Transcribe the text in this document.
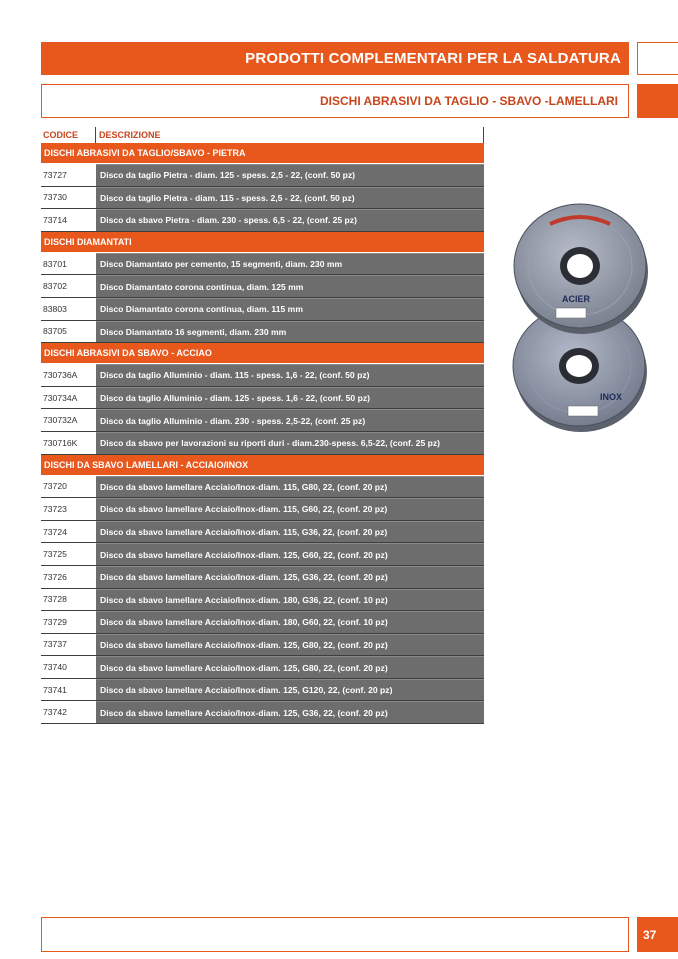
PRODOTTI COMPLEMENTARI PER LA SALDATURA
DISCHI ABRASIVI DA TAGLIO - SBAVO -LAMELLARI
CODICE DESCRIZIONE
DISCHI ABRASIVI DA TAGLIO/SBAVO - PIETRA
73727	Disco da taglio Pietra - diam. 125 - spess. 2,5 - 22, (conf. 50 pz)
73730	Disco da taglio Pietra - diam. 115 - spess. 2,5 - 22, (conf. 50 pz)
73714	Disco da sbavo Pietra - diam. 230 - spess. 6,5 - 22, (conf. 25 pz)
DISCHI DIAMANTATI
83701	Disco Diamantato per cemento, 15 segmenti, diam. 230 mm
83702	Disco Diamantato corona continua, diam. 125 mm
83803	Disco Diamantato corona continua, diam. 115 mm
83705	Disco Diamantato 16 segmenti, diam. 230 mm
DISCHI ABRASIVI DA SBAVO - ACCIAO
730736A	Disco da taglio Alluminio - diam. 115 - spess. 1,6 - 22, (conf. 50 pz)
730734A	Disco da taglio Alluminio - diam. 125 - spess. 1,6 - 22, (conf. 50 pz)
730732A	Disco da taglio Alluminio - diam. 230 - spess. 2,5-22, (conf. 25 pz)
730716K	Disco da sbavo per lavorazioni su riporti duri - diam.230-spess. 6,5-22, (conf. 25 pz)
DISCHI DA SBAVO LAMELLARI - ACCIAIO/INOX
73720	Disco da sbavo lamellare Acciaio/Inox-diam. 115, G80, 22, (conf. 20 pz)
73723	Disco da sbavo lamellare Acciaio/Inox-diam. 115, G60, 22, (conf. 20 pz)
73724	Disco da sbavo lamellare Acciaio/Inox-diam. 115, G36, 22, (conf. 20 pz)
73725	Disco da sbavo lamellare Acciaio/Inox-diam. 125, G60, 22, (conf. 20 pz)
73726	Disco da sbavo lamellare Acciaio/Inox-diam. 125, G36, 22, (conf. 20 pz)
73728	Disco da sbavo lamellare Acciaio/Inox-diam. 180, G36, 22, (conf. 10 pz)
73729	Disco da sbavo lamellare Acciaio/Inox-diam. 180, G60, 22, (conf. 10 pz)
73737	Disco da sbavo lamellare Acciaio/Inox-diam. 125, G80, 22, (conf. 20 pz)
73740	Disco da sbavo lamellare Acciaio/Inox-diam. 125, G80, 22, (conf. 20 pz)
73741	Disco da sbavo lamellare Acciaio/Inox-diam. 125, G120, 22, (conf. 20 pz)
73742	Disco da sbavo lamellare Acciaio/Inox-diam. 125, G36, 22, (conf. 20 pz)
INOX
ACIER
37
